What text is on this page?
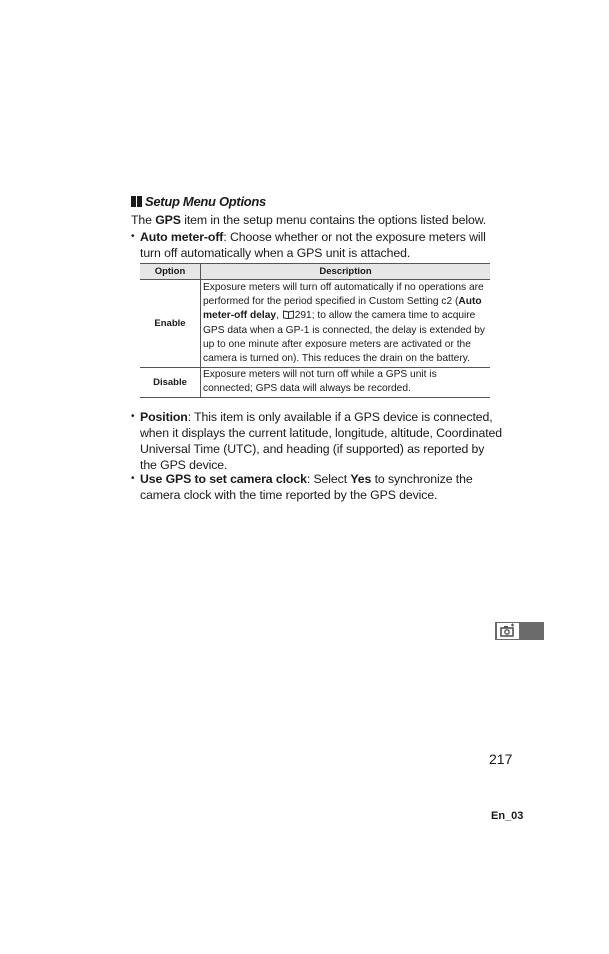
Setup Menu Options
The GPS item in the setup menu contains the options listed below.
• Auto meter-off: Choose whether or not the exposure meters will turn off automatically when a GPS unit is attached.
Option	Description
Enable	Exposure meters will turn off automatically if no operations are performed for the period specified in Custom Setting c2 (Auto meter-off delay, 291; to allow the camera time to acquire GPS data when a GP-1 is connected, the delay is extended by up to one minute after exposure meters are activated or the camera is turned on). This reduces the drain on the battery.
Disable	Exposure meters will not turn off while a GPS unit is connected; GPS data will always be recorded.
• Position: This item is only available if a GPS device is connected, when it displays the current latitude, longitude, altitude, Coordinated Universal Time (UTC), and heading (if supported) as reported by the GPS device.
• Use GPS to set camera clock: Select Yes to synchronize the camera clock with the time reported by the GPS device.
217
En_03
